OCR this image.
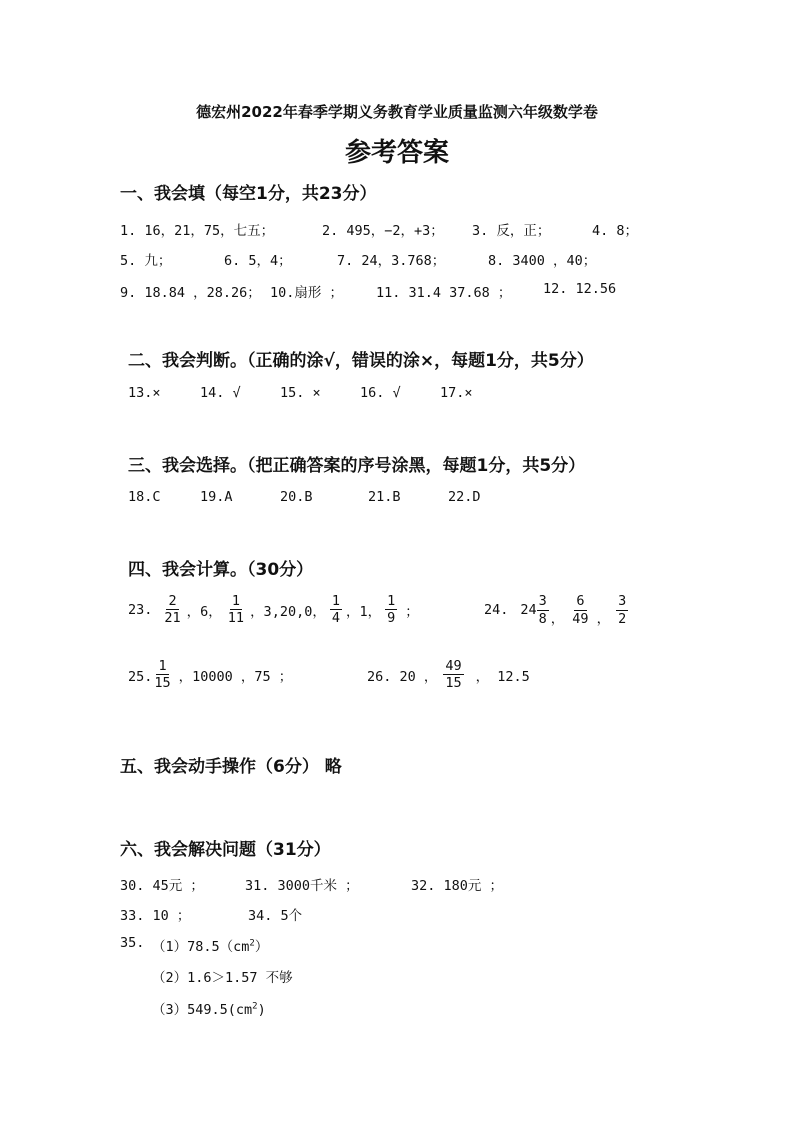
德宏州2022年春季学期义务教育学业质量监测六年级数学卷
参考答案
一、我会填（每空1分，共23分）
1. 16，21，75，七五；	2. 495，−2，+3； 3. 反，正；	4. 8；
5. 九；	6. 5，4；	7. 24，3.768；	8. 3400 ，40；
9. 18.84 ，28.26； 10.扇形 ； 11. 31.4 37.68 ； 12. 12.56
二、我会判断。（正确的涂√，错误的涂×，每题1分，共5分）
13.×	14. √	15. ×	16. √	17.×
三、我会选择。（把正确答案的序号涂黑，每题1分，共5分）
18.C	19.A	20.B	21.B	22.D
四、我会计算。（30分）
23. $\frac{2}{21}$ ，6， $\frac{1}{11}$ ，3,20,0， $\frac{1}{4}$ ，1， $\frac{1}{9}$ ；	24. $24 \frac{3}{8}$ ， $\frac{6}{49}$ ， $\frac{3}{2}$
25. $\frac{1}{15}$ ，10000 ，75 ；	26. 20 ， $\frac{49}{15}$ ， 12.5
五、我会动手操作（6分） 略
六、我会解决问题（31分）
30. 45元 ；	31. 3000千米 ；	32. 180元 ；
33. 10 ；	34. 5个
35. $(1)78.5(cm^2)$
（2）1.6＞1.57 不够
$(3)549.5(cm^2)$
